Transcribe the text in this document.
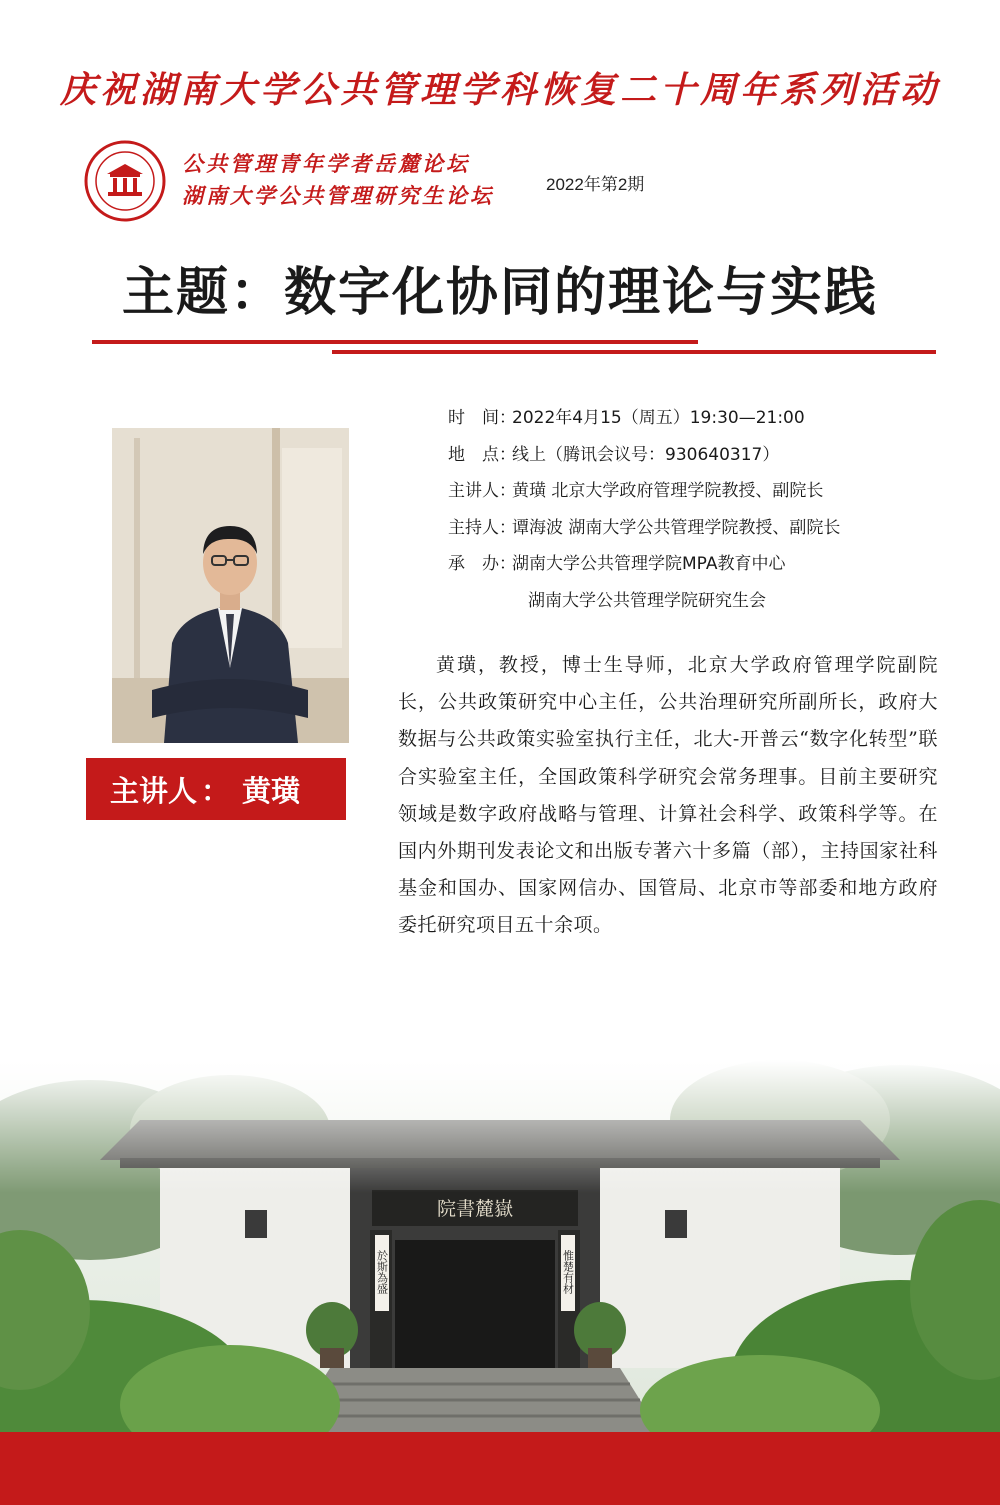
庆祝湖南大学公共管理学科恢复二十周年系列活动
公共管理青年学者岳麓论坛
湖南大学公共管理研究生论坛	2022年第2期
主题：数字化协同的理论与实践
主讲人 ： 黄璜
时　间：2022年4月15（周五）19:30—21:00
地　点：线上（腾讯会议号：930640317）
主讲人：黄璜 北京大学政府管理学院教授、副院长
主持人：谭海波 湖南大学公共管理学院教授、副院长
承　办：湖南大学公共管理学院MPA教育中心
湖南大学公共管理学院研究生会
黄璜，教授，博士生导师，北京大学政府管理学院副院长，公共政策研究中心主任，公共治理研究所副所长，政府大数据与公共政策实验室执行主任，北大-开普云“数字化转型”联合实验室主任，全国政策科学研究会常务理事。目前主要研究领域是数字政府战略与管理、计算社会科学、政策科学等。在国内外期刊发表论文和出版专著六十多篇（部），主持国家社科基金和国办、国家网信办、国管局、北京市等部委和地方政府委托研究项目五十余项。
